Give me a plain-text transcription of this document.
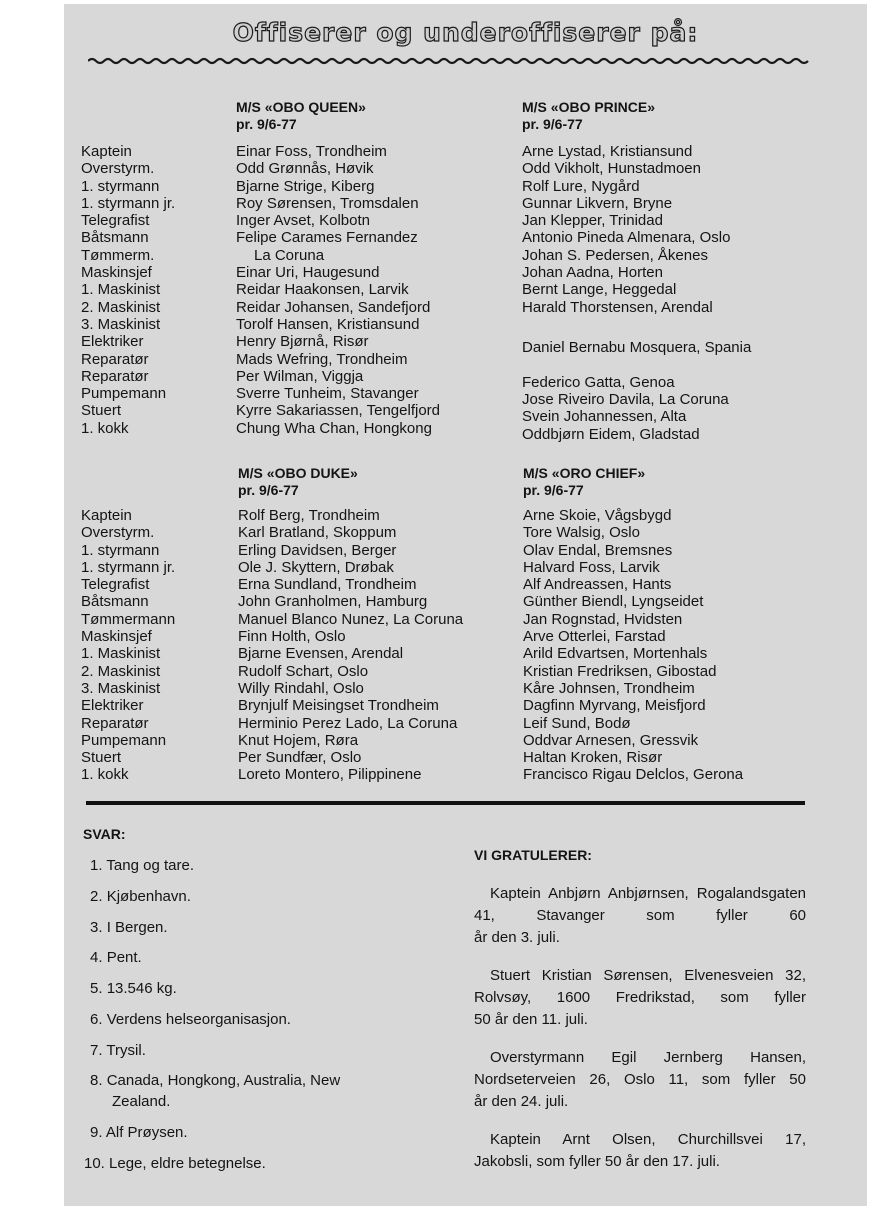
Offiserer og underoffiserer på:
M/S «OBO QUEEN»
pr. 9/6-77
M/S «OBO PRINCE»
pr. 9/6-77
Kaptein
Overstyrm.
1. styrmann
1. styrmann jr.
Telegrafist
Båtsmann
Tømmerm.
Maskinsjef
1. Maskinist
2. Maskinist
3. Maskinist
Elektriker
Reparatør
Reparatør
Pumpemann
Stuert
1. kokk
Einar Foss, Trondheim
Odd Grønnås, Høvik
Bjarne Strige, Kiberg
Roy Sørensen, Tromsdalen
Inger Avset, Kolbotn
Felipe Carames Fernandez
La Coruna
Einar Uri, Haugesund
Reidar Haakonsen, Larvik
Reidar Johansen, Sandefjord
Torolf Hansen, Kristiansund
Henry Bjørnå, Risør
Mads Wefring, Trondheim
Per Wilman, Viggja
Sverre Tunheim, Stavanger
Kyrre Sakariassen, Tengelfjord
Chung Wha Chan, Hongkong
Arne Lystad, Kristiansund
Odd Vikholt, Hunstadmoen
Rolf Lure, Nygård
Gunnar Likvern, Bryne
Jan Klepper, Trinidad
Antonio Pineda Almenara, Oslo
Johan S. Pedersen, Åkenes
Johan Aadna, Horten
Bernt Lange, Heggedal
Harald Thorstensen, Arendal
Daniel Bernabu Mosquera, Spania
Federico Gatta, Genoa
Jose Riveiro Davila, La Coruna
Svein Johannessen, Alta
Oddbjørn Eidem, Gladstad
M/S «OBO DUKE»
pr. 9/6-77
M/S «ORO CHIEF»
pr. 9/6-77
Kaptein
Overstyrm.
1. styrmann
1. styrmann jr.
Telegrafist
Båtsmann
Tømmermann
Maskinsjef
1. Maskinist
2. Maskinist
3. Maskinist
Elektriker
Reparatør
Pumpemann
Stuert
1. kokk
Rolf Berg, Trondheim
Karl Bratland, Skoppum
Erling Davidsen, Berger
Ole J. Skyttern, Drøbak
Erna Sundland, Trondheim
John Granholmen, Hamburg
Manuel Blanco Nunez, La Coruna
Finn Holth, Oslo
Bjarne Evensen, Arendal
Rudolf Schart, Oslo
Willy Rindahl, Oslo
Brynjulf Meisingset Trondheim
Herminio Perez Lado, La Coruna
Knut Hojem, Røra
Per Sundfær, Oslo
Loreto Montero, Pilippinene
Arne Skoie, Vågsbygd
Tore Walsig, Oslo
Olav Endal, Bremsnes
Halvard Foss, Larvik
Alf Andreassen, Hants
Günther Biendl, Lyngseidet
Jan Rognstad, Hvidsten
Arve Otterlei, Farstad
Arild Edvartsen, Mortenhals
Kristian Fredriksen, Gibostad
Kåre Johnsen, Trondheim
Dagfinn Myrvang, Meisfjord
Leif Sund, Bodø
Oddvar Arnesen, Gressvik
Haltan Kroken, Risør
Francisco Rigau Delclos, Gerona
SVAR:
1. Tang og tare.
2. Kjøbenhavn.
3. I Bergen.
4. Pent.
5. 13.546 kg.
6. Verdens helseorganisasjon.
7. Trysil.
8. Canada, Hongkong, Australia, New
Zealand.
9. Alf Prøysen.
10. Lege, eldre betegnelse.
VI GRATULERER:
Kaptein Anbjørn Anbjørnsen, Rogalandsgaten 41, Stavanger som fyller 60
år den 3. juli.
Stuert Kristian Sørensen, Elvenesveien 32, Rolvsøy, 1600 Fredrikstad, som fyller
50 år den 11. juli.
Overstyrmann Egil Jernberg Hansen, Nordseterveien 26, Oslo 11, som fyller 50
år den 24. juli.
Kaptein Arnt Olsen, Churchillsvei 17,
Jakobsli, som fyller 50 år den 17. juli.
